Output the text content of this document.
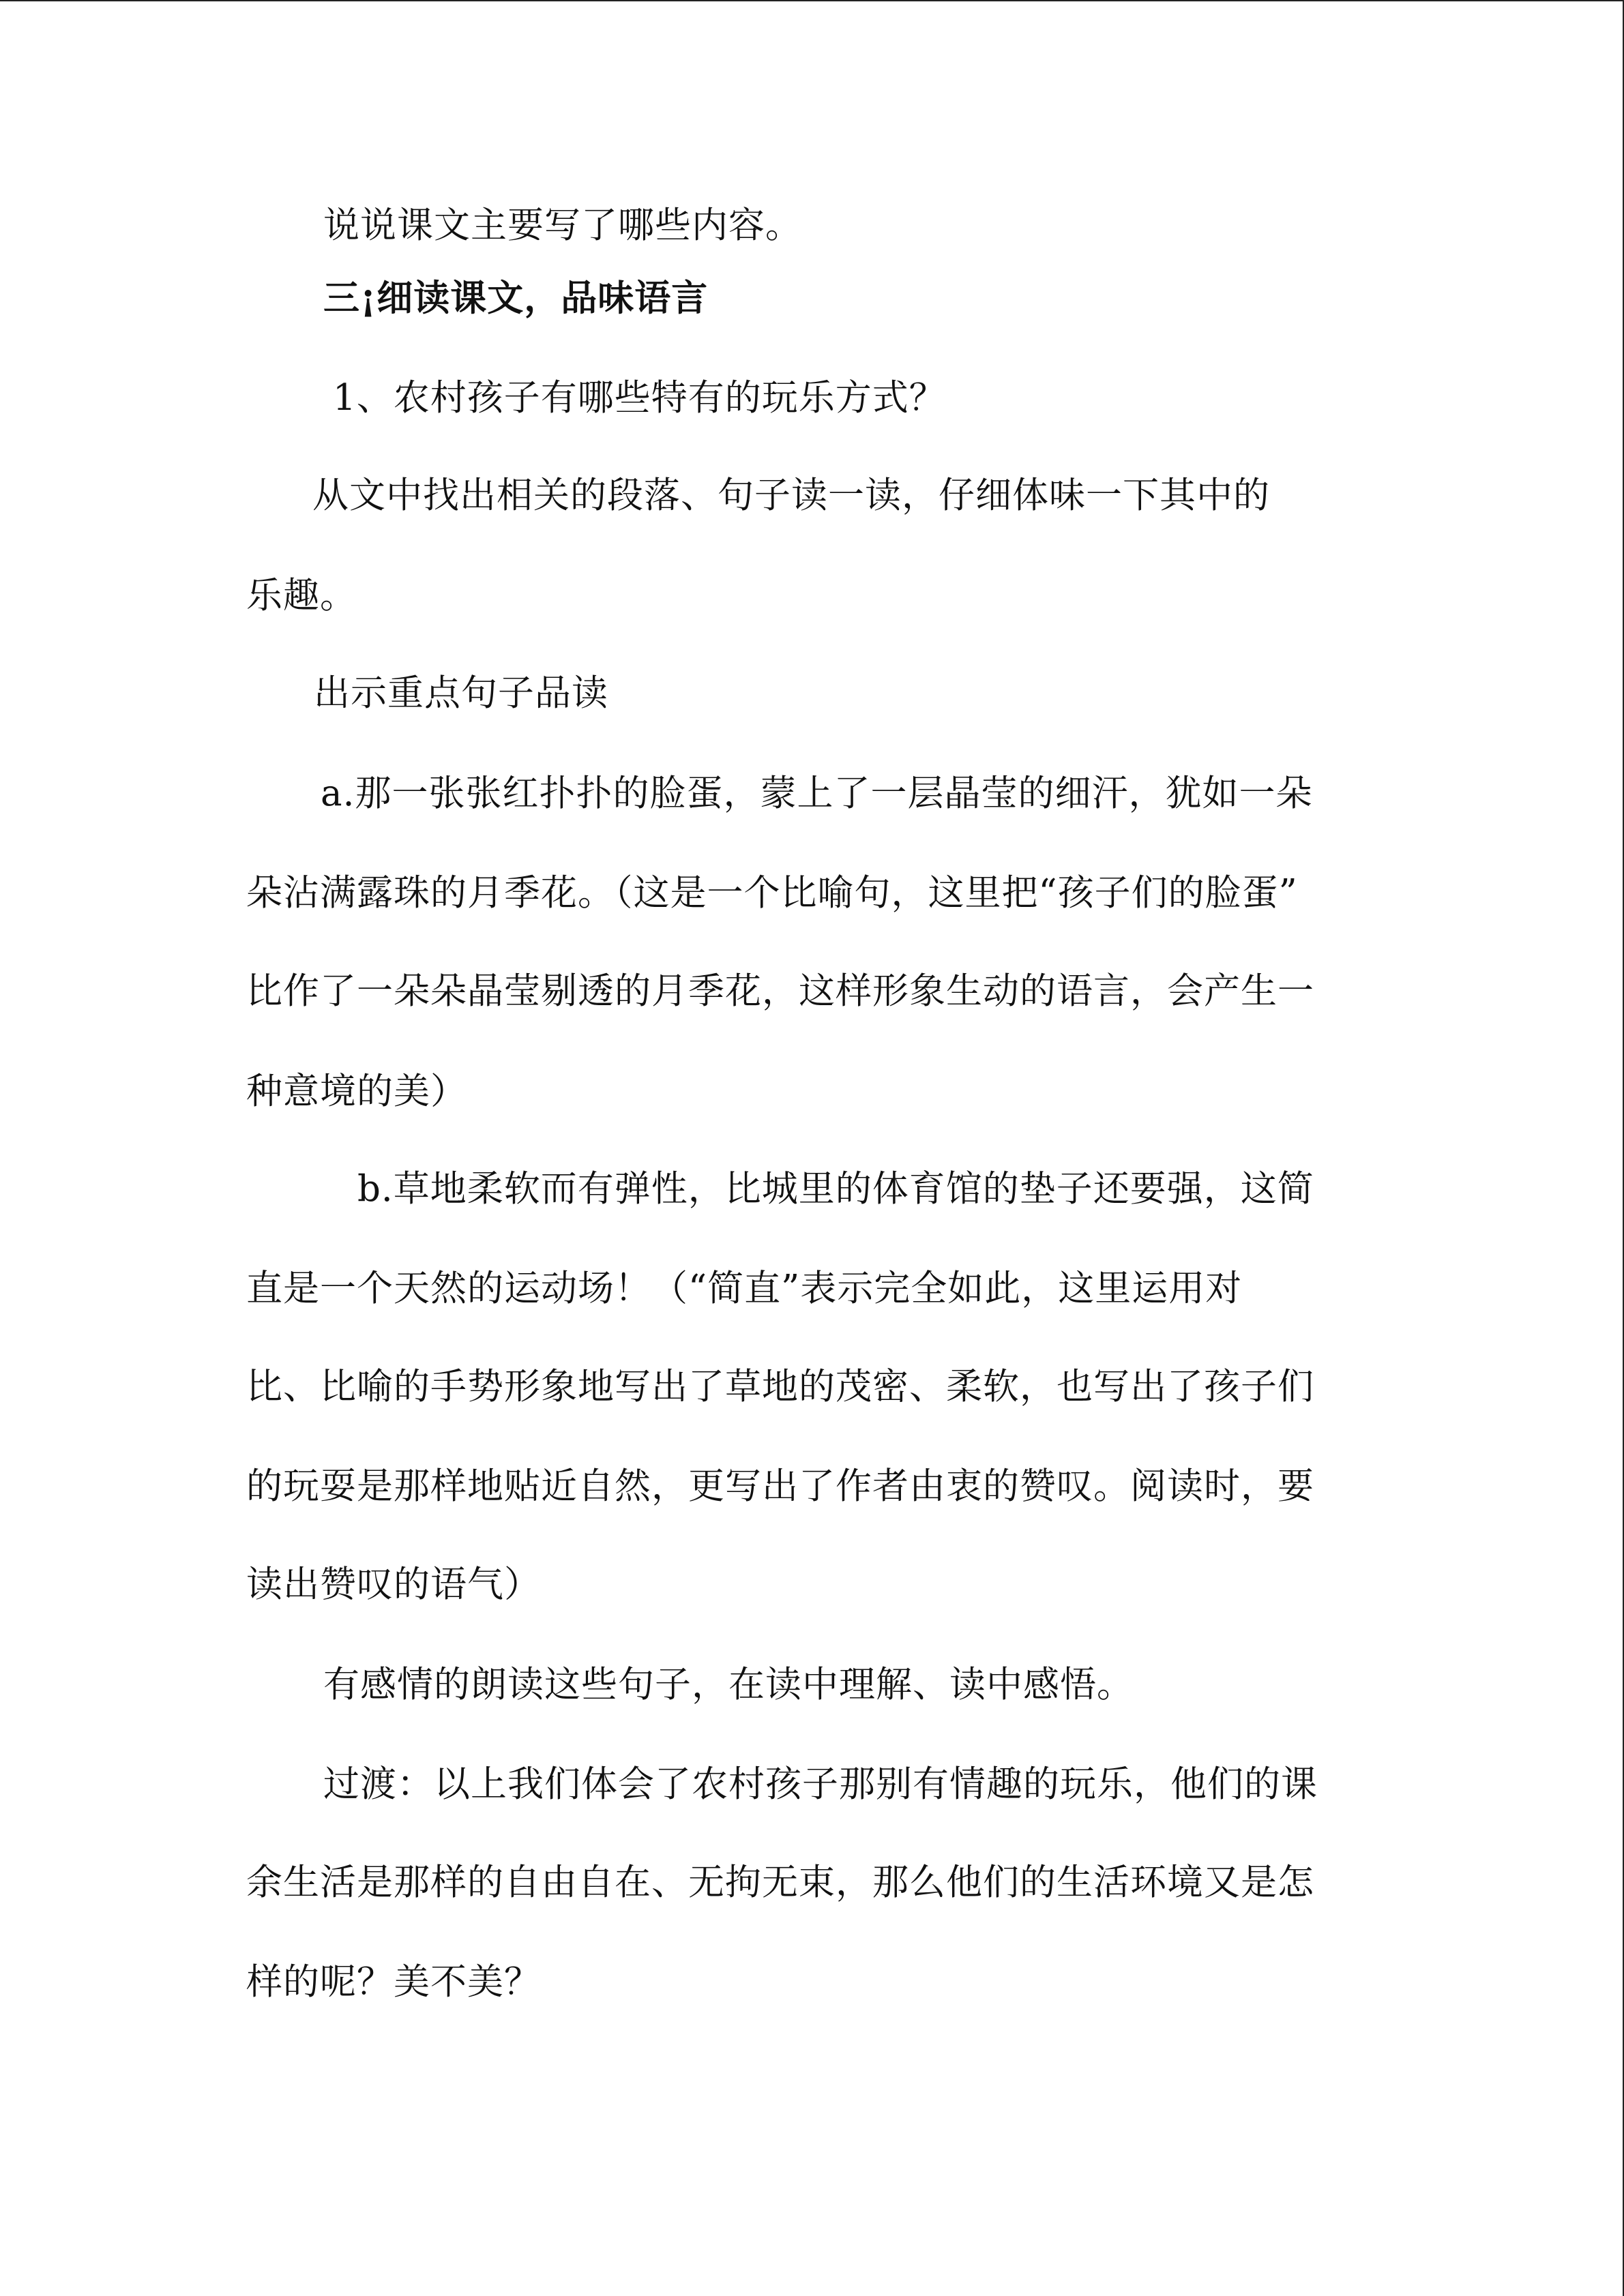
说说课文主要写了哪些内容。
三¡细读课文，品味语言
1、农村孩子有哪些特有的玩乐方式？
从文中找出相关的段落、句子读一读，仔细体味一下其中的
乐趣。
出示重点句子品读
a.那一张张红扑扑的脸蛋，蒙上了一层晶莹的细汗，犹如一朵
朵沾满露珠的月季花。（这是一个比喻句，这里把“孩子们的脸蛋”
比作了一朵朵晶莹剔透的月季花，这样形象生动的语言，会产生一
种意境的美）
b.草地柔软而有弹性，比城里的体育馆的垫子还要强，这简
直是一个天然的运动场！（“简直”表示完全如此，这里运用对
比、比喻的手势形象地写出了草地的茂密、柔软，也写出了孩子们
的玩耍是那样地贴近自然，更写出了作者由衷的赞叹。阅读时，要
读出赞叹的语气）
有感情的朗读这些句子，在读中理解、读中感悟。
过渡：以上我们体会了农村孩子那别有情趣的玩乐，他们的课
余生活是那样的自由自在、无拘无束，那么他们的生活环境又是怎
样的呢？美不美？
